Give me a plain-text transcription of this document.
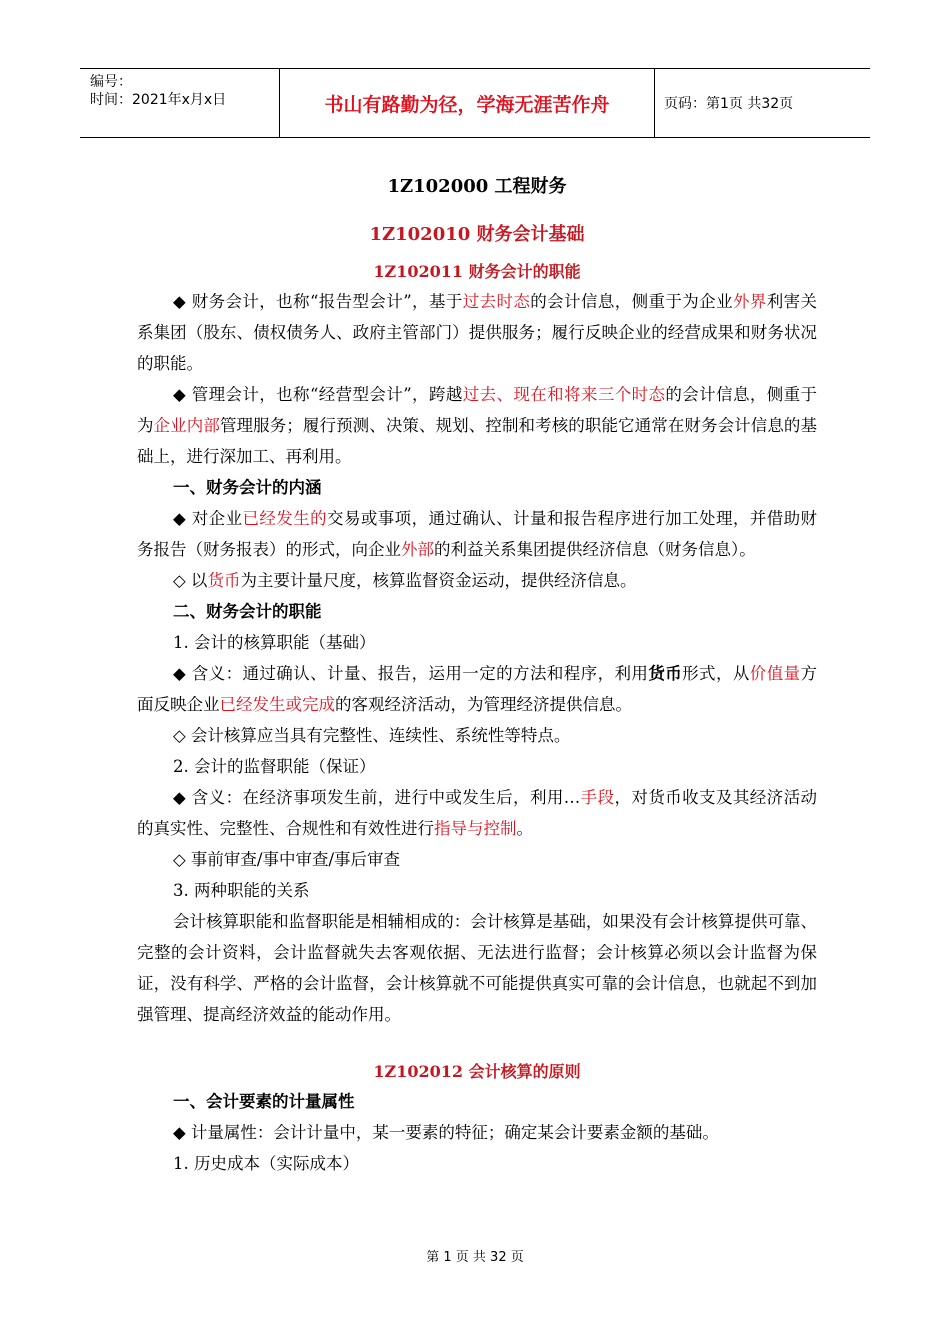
编号：
时间：2021年x月x日	书山有路勤为径，学海无涯苦作舟	页码：第1页 共32页
1Z102000 工程财务
1Z102010 财务会计基础
1Z102011 财务会计的职能

◆ 财务会计，也称“报告型会计”，基于过去时态的会计信息，侧重于为企业外界利害关系集团（股东、债权债务人、政府主管部门）提供服务；履行反映企业的经营成果和财务状况的职能。

◆ 管理会计，也称“经营型会计”，跨越过去、现在和将来三个时态的会计信息，侧重于为企业内部管理服务；履行预测、决策、规划、控制和考核的职能它通常在财务会计信息的基础上，进行深加工、再利用。

一、财务会计的内涵

◆ 对企业已经发生的交易或事项，通过确认、计量和报告程序进行加工处理，并借助财务报告（财务报表）的形式，向企业外部的利益关系集团提供经济信息（财务信息）。

◇ 以货币为主要计量尺度，核算监督资金运动，提供经济信息。

二、财务会计的职能

1. 会计的核算职能（基础）

◆ 含义：通过确认、计量、报告，运用一定的方法和程序，利用货币形式，从价值量方面反映企业已经发生或完成的客观经济活动，为管理经济提供信息。

◇ 会计核算应当具有完整性、连续性、系统性等特点。

2. 会计的监督职能（保证）

◆ 含义：在经济事项发生前，进行中或发生后，利用…手段，对货币收支及其经济活动的真实性、完整性、合规性和有效性进行指导与控制。

◇ 事前审查/事中审查/事后审查

3. 两种职能的关系

会计核算职能和监督职能是相辅相成的：会计核算是基础，如果没有会计核算提供可靠、完整的会计资料，会计监督就失去客观依据、无法进行监督；会计核算必须以会计监督为保证，没有科学、严格的会计监督，会计核算就不可能提供真实可靠的会计信息，也就起不到加强管理、提高经济效益的能动作用。

1Z102012 会计核算的原则

一、会计要素的计量属性

◆ 计量属性：会计计量中，某一要素的特征；确定某会计要素金额的基础。

1. 历史成本（实际成本）

第 1 页 共 32 页
